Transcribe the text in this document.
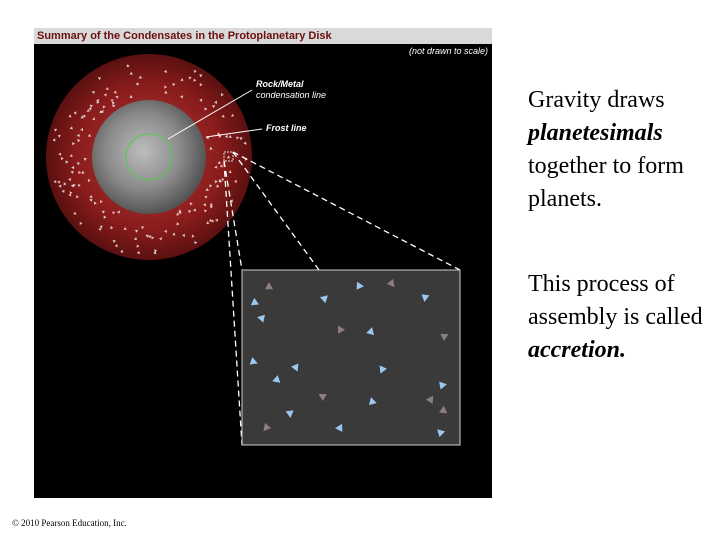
Summary of the Condensates in the Protoplanetary Disk
(not drawn to scale)
Rock/Metal
condensation line
Frost line

Gravity draws
planetesimals
together to form planets.

This process of assembly is called
accretion.

© 2010 Pearson Education, Inc.
